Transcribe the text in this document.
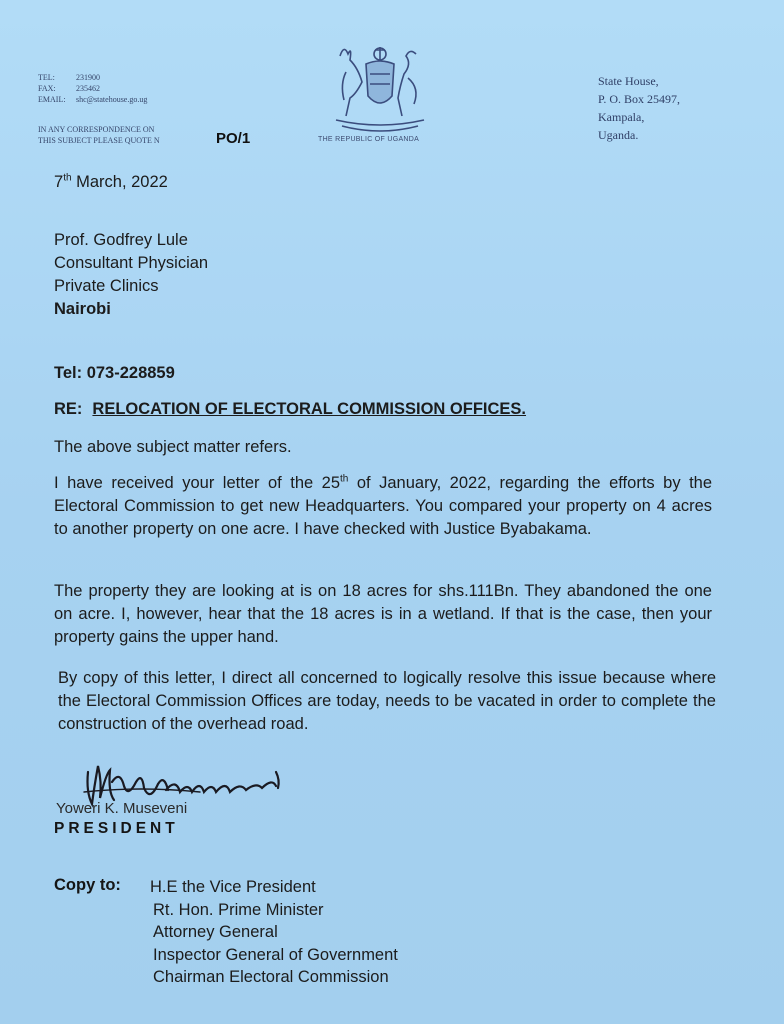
TEL:	231900
FAX:	235462
EMAIL:	shc@statehouse.go.ug
IN ANY CORRESPONDENCE ON
THIS SUBJECT PLEASE QUOTE N	PO/1	THE REPUBLIC OF UGANDA
State House,
P. O. Box 25497,
Kampala,
Uganda.
7th March, 2022
Prof. Godfrey Lule
Consultant Physician
Private Clinics
Nairobi
Tel: 073-228859
RE: RELOCATION OF ELECTORAL COMMISSION OFFICES.
The above subject matter refers.
I have received your letter of the 25th of January, 2022, regarding the efforts by the Electoral Commission to get new Headquarters. You compared your property on 4 acres to another property on one acre. I have checked with Justice Byabakama.
The property they are looking at is on 18 acres for shs.111Bn. They abandoned the one on acre. I, however, hear that the 18 acres is in a wetland. If that is the case, then your property gains the upper hand.
By copy of this letter, I direct all concerned to logically resolve this issue because where the Electoral Commission Offices are today, needs to be vacated in order to complete the construction of the overhead road.
Yoweri K. Museveni
PRESIDENT
Copy to: H.E the Vice President
Rt. Hon. Prime Minister
Attorney General
Inspector General of Government
Chairman Electoral Commission
